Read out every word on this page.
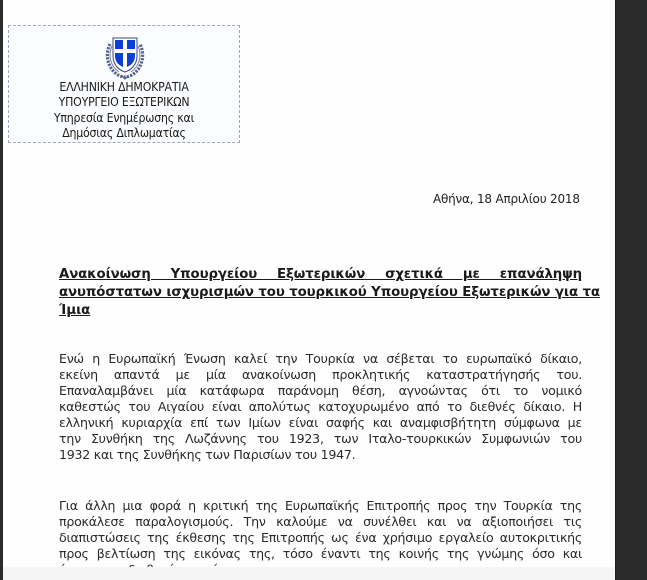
ΕΛΛΗΝΙΚΗ ΔΗΜΟΚΡΑΤΙΑ
ΥΠΟΥΡΓΕΙΟ ΕΞΩΤΕΡΙΚΩΝ
Υπηρεσία Ενημέρωσης και
Δημόσιας Διπλωματίας
Αθήνα, 18 Απριλίου 2018
Ανακοίνωση Υπουργείου Εξωτερικών σχετικά με επανάληψη
ανυπόστατων ισχυρισμών του τουρκικού Υπουργείου Εξωτερικών για τα
Ίμια
Ενώ η Ευρωπαϊκή Ένωση καλεί την Τουρκία να σέβεται το ευρωπαϊκό δίκαιο,
εκείνη απαντά με μία ανακοίνωση προκλητικής καταστρατήγησής του.
Επαναλαμβάνει μία κατάφωρα παράνομη θέση, αγνοώντας ότι το νομικό
καθεστώς του Αιγαίου είναι απολύτως κατοχυρωμένο από το διεθνές δίκαιο. Η
ελληνική κυριαρχία επί των Ιμίων είναι σαφής και αναμφισβήτητη σύμφωνα με
την Συνθήκη της Λωζάννης του 1923, των Ιταλο-τουρκικών Συμφωνιών του
1932 και της Συνθήκης των Παρισίων του 1947.
Για άλλη μια φορά η κριτική της Ευρωπαϊκής Επιτροπής προς την Τουρκία της
προκάλεσε παραλογισμούς. Την καλούμε να συνέλθει και να αξιοποιήσει τις
διαπιστώσεις της έκθεσης της Επιτροπής ως ένα χρήσιμο εργαλείο αυτοκριτικής
προς βελτίωση της εικόνας της, τόσο έναντι της κοινής της γνώμης όσο και
